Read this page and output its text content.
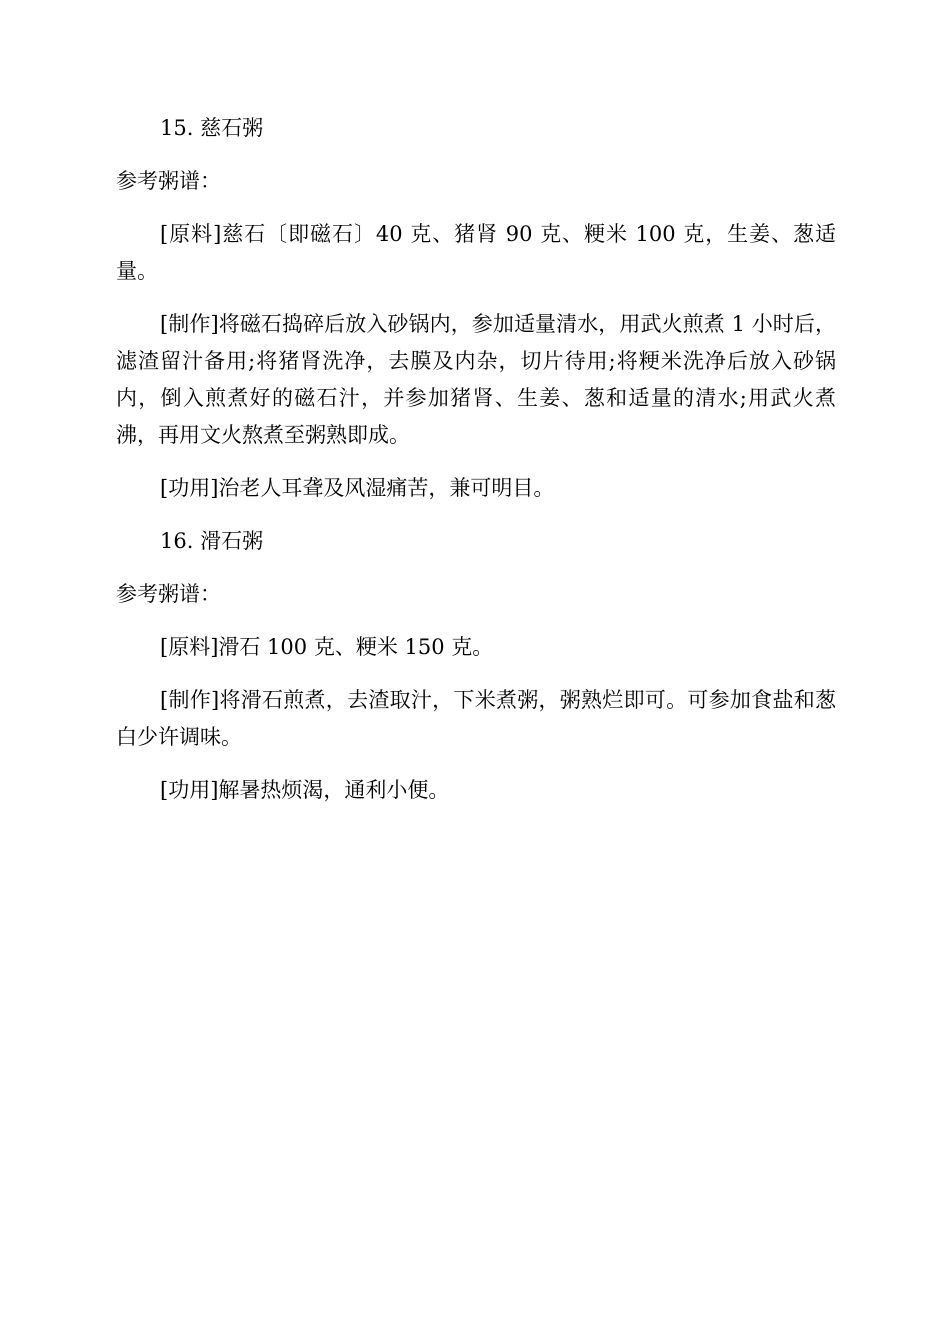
15. 慈石粥

参考粥谱：

[原料]慈石〔即磁石〕40 克、猪肾 90 克、粳米 100 克，生姜、葱适量。

[制作]将磁石捣碎后放入砂锅内，参加适量清水，用武火煎煮 1 小时后，滤渣留汁备用;将猪肾洗净，去膜及内杂，切片待用;将粳米洗净后放入砂锅内，倒入煎煮好的磁石汁，并参加猪肾、生姜、葱和适量的清水;用武火煮沸，再用文火熬煮至粥熟即成。

[功用]治老人耳聋及风湿痛苦，兼可明目。

16. 滑石粥

参考粥谱：

[原料]滑石 100 克、粳米 150 克。

[制作]将滑石煎煮，去渣取汁，下米煮粥，粥熟烂即可。可参加食盐和葱白少许调味。

[功用]解暑热烦渴，通利小便。
